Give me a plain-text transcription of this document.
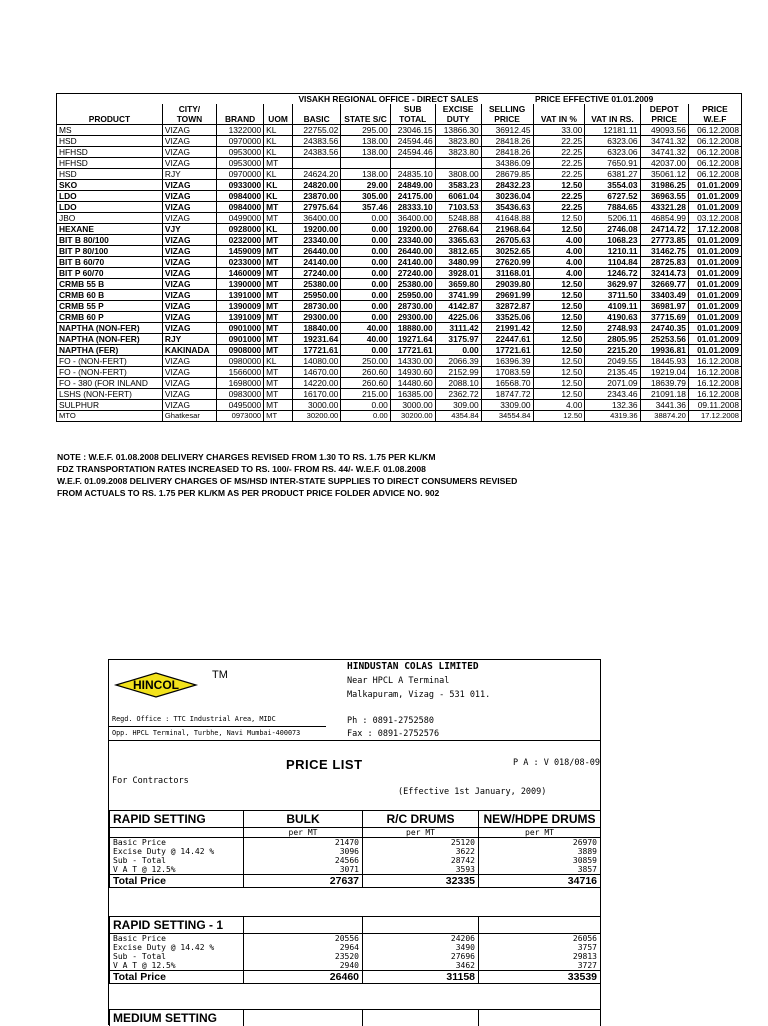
				VISAKH REGIONAL OFFICE - DIRECT SALES					PRICE EFFECTIVE 01.01.2009			
	CITY/					SUB	EXCISE	SELLING			DEPOT	PRICE
PRODUCT	TOWN	BRAND	UOM	BASIC	STATE S/C	TOTAL	DUTY	PRICE	VAT IN %	VAT IN RS.	PRICE	W.E.F
MS	VIZAG	1322000	KL	22755.02	295.00	23046.15	13866.30	36912.45	33.00	12181.11	49093.56	06.12.2008
HSD	VIZAG	0970000	KL	24383.56	138.00	24594.46	3823.80	28418.26	22.25	6323.06	34741.32	06.12.2008
HFHSD	VIZAG	0953000	KL	24383.56	138.00	24594.46	3823.80	28418.26	22.25	6323.06	34741.32	06.12.2008
HFHSD	VIZAG	0953000	MT					34386.09	22.25	7650.91	42037.00	06.12.2008
HSD	RJY	0970000	KL	24624.20	138.00	24835.10	3808.00	28679.85	22.25	6381.27	35061.12	06.12.2008
SKO	VIZAG	0933000	KL	24820.00	29.00	24849.00	3583.23	28432.23	12.50	3554.03	31986.25	01.01.2009
LDO	VIZAG	0984000	KL	23870.00	305.00	24175.00	6061.04	30236.04	22.25	6727.52	36963.55	01.01.2009
LDO	VIZAG	0984000	MT	27975.64	357.46	28333.10	7103.53	35436.63	22.25	7884.65	43321.28	01.01.2009
JBO	VIZAG	0499000	MT	36400.00	0.00	36400.00	5248.88	41648.88	12.50	5206.11	46854.99	03.12.2008
HEXANE	VJY	0928000	KL	19200.00	0.00	19200.00	2768.64	21968.64	12.50	2746.08	24714.72	17.12.2008
BIT B 80/100	VIZAG	0232000	MT	23340.00	0.00	23340.00	3365.63	26705.63	4.00	1068.23	27773.85	01.01.2009
BIT P 80/100	VIZAG	1459009	MT	26440.00	0.00	26440.00	3812.65	30252.65	4.00	1210.11	31462.75	01.01.2009
BIT B 60/70	VIZAG	0233000	MT	24140.00	0.00	24140.00	3480.99	27620.99	4.00	1104.84	28725.83	01.01.2009
BIT P 60/70	VIZAG	1460009	MT	27240.00	0.00	27240.00	3928.01	31168.01	4.00	1246.72	32414.73	01.01.2009
CRMB 55 B	VIZAG	1390000	MT	25380.00	0.00	25380.00	3659.80	29039.80	12.50	3629.97	32669.77	01.01.2009
CRMB 60 B	VIZAG	1391000	MT	25950.00	0.00	25950.00	3741.99	29691.99	12.50	3711.50	33403.49	01.01.2009
CRMB 55 P	VIZAG	1390009	MT	28730.00	0.00	28730.00	4142.87	32872.87	12.50	4109.11	36981.97	01.01.2009
CRMB 60 P	VIZAG	1391009	MT	29300.00	0.00	29300.00	4225.06	33525.06	12.50	4190.63	37715.69	01.01.2009
NAPTHA (NON-FER)	VIZAG	0901000	MT	18840.00	40.00	18880.00	3111.42	21991.42	12.50	2748.93	24740.35	01.01.2009
NAPTHA (NON-FER)	RJY	0901000	MT	19231.64	40.00	19271.64	3175.97	22447.61	12.50	2805.95	25253.56	01.01.2009
NAPTHA (FER)	KAKINADA	0908000	MT	17721.61	0.00	17721.61	0.00	17721.61	12.50	2215.20	19936.81	01.01.2009
FO - (NON-FERT)	VIZAG	0980000	KL	14080.00	250.00	14330.00	2066.39	16396.39	12.50	2049.55	18445.93	16.12.2008
FO - (NON-FERT)	VIZAG	1566000	MT	14670.00	260.60	14930.60	2152.99	17083.59	12.50	2135.45	19219.04	16.12.2008
FO - 380 (FOR INLAND	VIZAG	1698000	MT	14220.00	260.60	14480.60	2088.10	16568.70	12.50	2071.09	18639.79	16.12.2008
LSHS (NON-FERT)	VIZAG	0983000	MT	16170.00	215.00	16385.00	2362.72	18747.72	12.50	2343.46	21091.18	16.12.2008
SULPHUR	VIZAG	0495000	MT	3000.00	0.00	3000.00	309.00	3309.00	4.00	132.36	3441.36	09.11.2008
MTO	Ghatkesar	0973000	MT	30200.00	0.00	30200.00	4354.84	34554.84	12.50	4319.36	38874.20	17.12.2008
NOTE : W.E.F. 01.08.2008 DELIVERY CHARGES REVISED FROM 1.30 TO RS. 1.75 PER KL/KM
FDZ TRANSPORTATION RATES INCREASED TO RS. 100/- FROM RS. 44/- W.E.F. 01.08.2008
W.E.F. 01.09.2008 DELIVERY CHARGES OF MS/HSD INTER-STATE SUPPLIES TO DIRECT CONSUMERS REVISED
FROM ACTUALS TO RS. 1.75 PER KL/KM AS PER PRODUCT PRICE FOLDER ADVICE NO. 902
HINCOL
TM
HINDUSTAN COLAS LIMITED
Near HPCL A Terminal
Malkapuram, Vizag - 531 011.
Regd. Office : TTC Industrial Area, MIDC
Opp. HPCL Terminal, Turbhe, Navi Mumbai-400073
Ph : 0891-2752580
Fax : 0891-2752576
PRICE LIST	P A : V 018/08-09
For Contractors
(Effective 1st January, 2009)
RAPID SETTING	BULK	R/C DRUMS	NEW/HDPE DRUMS
	per MT	per MT	per MT
Basic Price	21470	25120	26970
Excise Duty @ 14.42 %	3096	3622	3889
Sub - Total	24566	28742	30859
V A T @ 12.5%	3071	3593	3857
Total Price	27637	32335	34716
RAPID SETTING - 1			
Basic Price	20556	24206	26056
Excise Duty @ 14.42 %	2964	3490	3757
Sub - Total	23520	27696	29813
V A T @ 12.5%	2940	3462	3727
Total Price	26460	31158	33539
MEDIUM SETTING			
